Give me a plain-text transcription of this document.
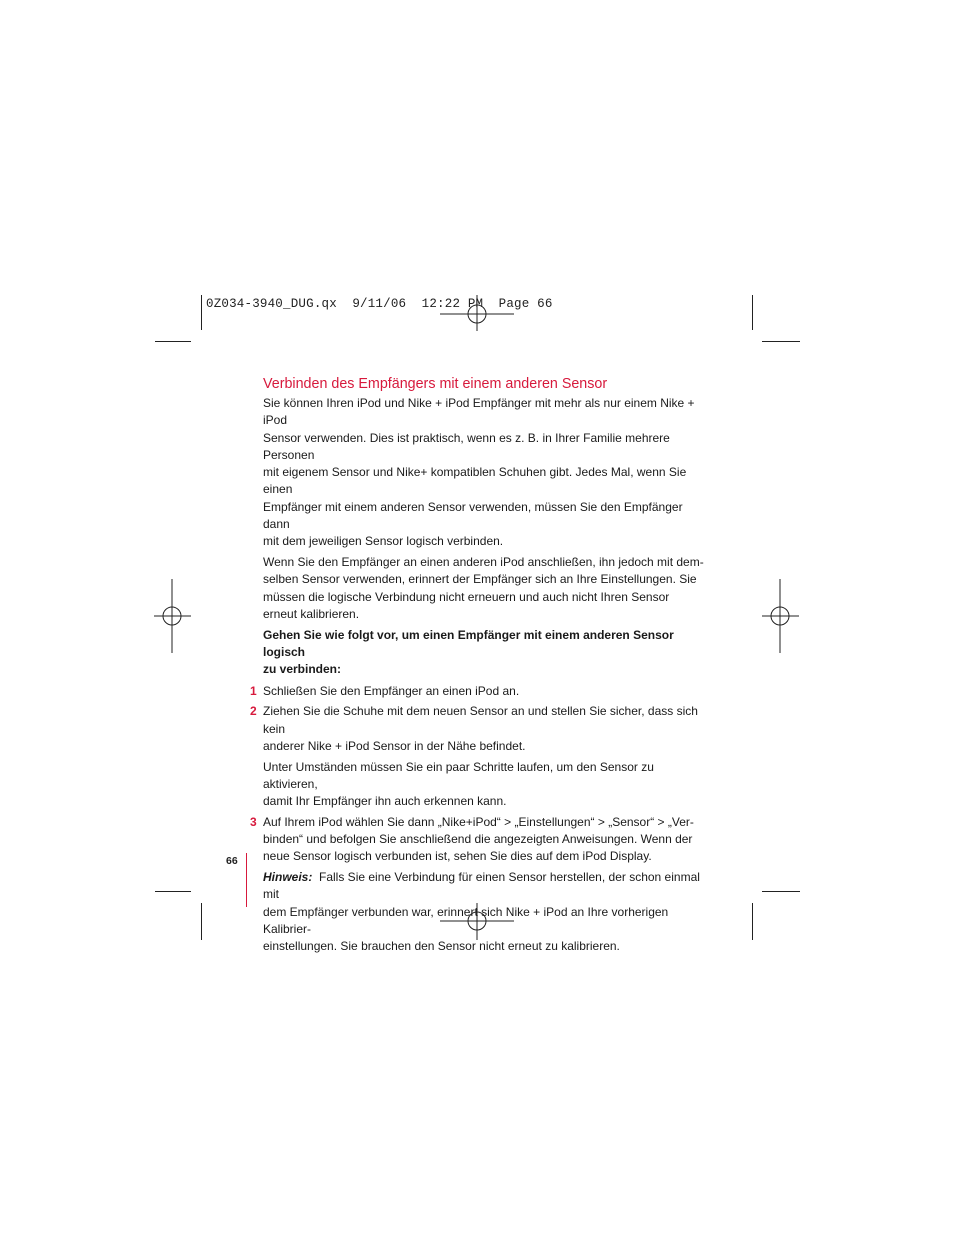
0Z034-3940_DUG.qx  9/11/06  12:22 PM  Page 66
Verbinden des Empfängers mit einem anderen Sensor
Sie können Ihren iPod und Nike + iPod Empfänger mit mehr als nur einem Nike + iPod
Sensor verwenden. Dies ist praktisch, wenn es z. B. in Ihrer Familie mehrere Personen
mit eigenem Sensor und Nike+ kompatiblen Schuhen gibt. Jedes Mal, wenn Sie einen
Empfänger mit einem anderen Sensor verwenden, müssen Sie den Empfänger dann
mit dem jeweiligen Sensor logisch verbinden.
Wenn Sie den Empfänger an einen anderen iPod anschließen, ihn jedoch mit dem-
selben Sensor verwenden, erinnert der Empfänger sich an Ihre Einstellungen. Sie
müssen die logische Verbindung nicht erneuern und auch nicht Ihren Sensor
erneut kalibrieren.
Gehen Sie wie folgt vor, um einen Empfänger mit einem anderen Sensor logisch
zu verbinden:
1 Schließen Sie den Empfänger an einen iPod an.
2 Ziehen Sie die Schuhe mit dem neuen Sensor an und stellen Sie sicher, dass sich kein
anderer Nike + iPod Sensor in der Nähe befindet.
Unter Umständen müssen Sie ein paar Schritte laufen, um den Sensor zu aktivieren,
damit Ihr Empfänger ihn auch erkennen kann.
3 Auf Ihrem iPod wählen Sie dann „Nike+iPod“ > „Einstellungen“ > „Sensor“ > „Ver-
binden“ und befolgen Sie anschließend die angezeigten Anweisungen. Wenn der
neue Sensor logisch verbunden ist, sehen Sie dies auf dem iPod Display.
Hinweis: Falls Sie eine Verbindung für einen Sensor herstellen, der schon einmal mit
dem Empfänger verbunden war, erinnert sich Nike + iPod an Ihre vorherigen Kalibrier-
einstellungen. Sie brauchen den Sensor nicht erneut zu kalibrieren.
66
